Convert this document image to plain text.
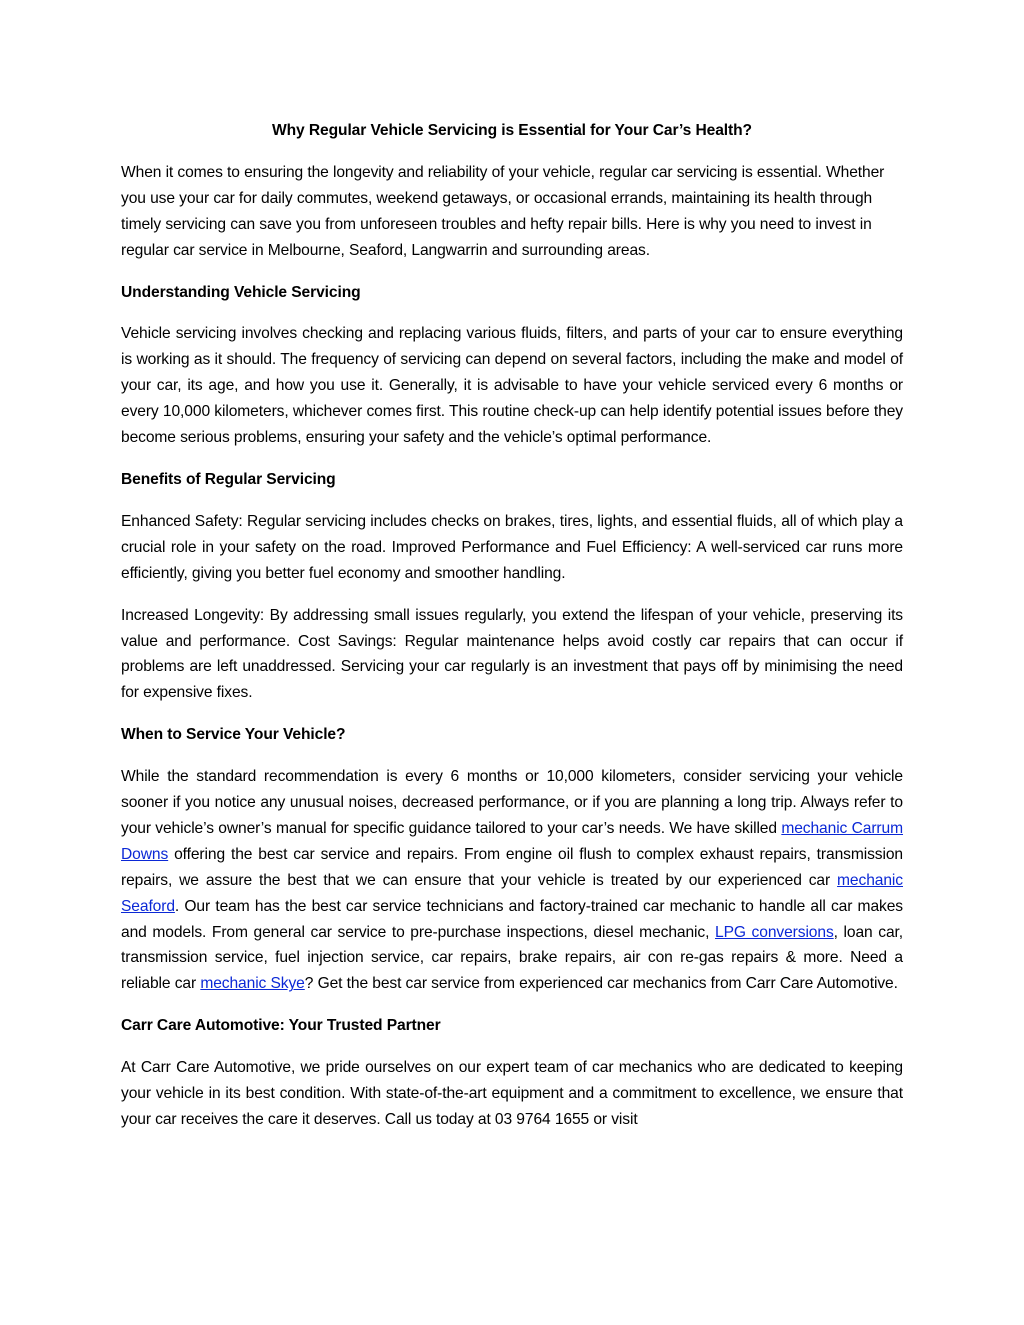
Why Regular Vehicle Servicing is Essential for Your Car’s Health?

When it comes to ensuring the longevity and reliability of your vehicle, regular car servicing is essential. Whether you use your car for daily commutes, weekend getaways, or occasional errands, maintaining its health through timely servicing can save you from unforeseen troubles and hefty repair bills. Here is why you need to invest in regular car service in Melbourne, Seaford, Langwarrin and surrounding areas.

Understanding Vehicle Servicing

Vehicle servicing involves checking and replacing various fluids, filters, and parts of your car to ensure everything is working as it should. The frequency of servicing can depend on several factors, including the make and model of your car, its age, and how you use it. Generally, it is advisable to have your vehicle serviced every 6 months or every 10,000 kilometers, whichever comes first. This routine check-up can help identify potential issues before they become serious problems, ensuring your safety and the vehicle’s optimal performance.

Benefits of Regular Servicing

Enhanced Safety: Regular servicing includes checks on brakes, tires, lights, and essential fluids, all of which play a crucial role in your safety on the road. Improved Performance and Fuel Efficiency: A well-serviced car runs more efficiently, giving you better fuel economy and smoother handling.

Increased Longevity: By addressing small issues regularly, you extend the lifespan of your vehicle, preserving its value and performance. Cost Savings: Regular maintenance helps avoid costly car repairs that can occur if problems are left unaddressed. Servicing your car regularly is an investment that pays off by minimising the need for expensive fixes.

When to Service Your Vehicle?

While the standard recommendation is every 6 months or 10,000 kilometers, consider servicing your vehicle sooner if you notice any unusual noises, decreased performance, or if you are planning a long trip. Always refer to your vehicle’s owner’s manual for specific guidance tailored to your car’s needs. We have skilled mechanic Carrum Downs offering the best car service and repairs. From engine oil flush to complex exhaust repairs, transmission repairs, we assure the best that we can ensure that your vehicle is treated by our experienced car mechanic Seaford. Our team has the best car service technicians and factory-trained car mechanic to handle all car makes and models. From general car service to pre-purchase inspections, diesel mechanic, LPG conversions, loan car, transmission service, fuel injection service, car repairs, brake repairs, air con re-gas repairs & more. Need a reliable car mechanic Skye? Get the best car service from experienced car mechanics from Carr Care Automotive.

Carr Care Automotive: Your Trusted Partner

At Carr Care Automotive, we pride ourselves on our expert team of car mechanics who are dedicated to keeping your vehicle in its best condition. With state-of-the-art equipment and a commitment to excellence, we ensure that your car receives the care it deserves. Call us today at 03 9764 1655 or visit
